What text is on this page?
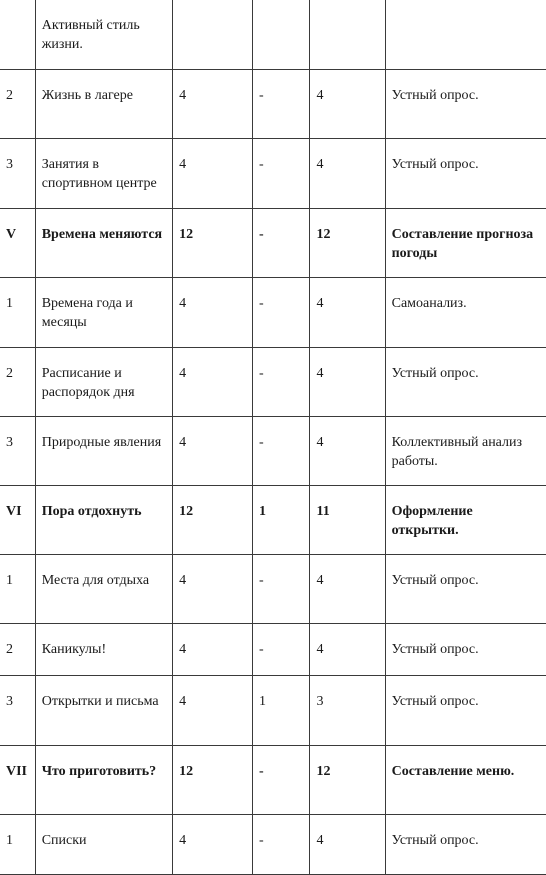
	Активный стиль жизни.				
2	Жизнь в лагере	4	-	4	Устный опрос.
3	Занятия в спортивном центре	4	-	4	Устный опрос.
V	Времена меняются	12	-	12	Составление прогноза погоды
1	Времена года и месяцы	4	-	4	Самоанализ.
2	Расписание и распорядок дня	4	-	4	Устный опрос.
3	Природные явления	4	-	4	Коллективный анализ работы.
VI	Пора отдохнуть	12	1	11	Оформление открытки.
1	Места для отдыха	4	-	4	Устный опрос.
2	Каникулы!	4	-	4	Устный опрос.
3	Открытки и письма	4	1	3	Устный опрос.
VII	Что приготовить?	12	-	12	Составление меню.
1	Списки	4	-	4	Устный опрос.
